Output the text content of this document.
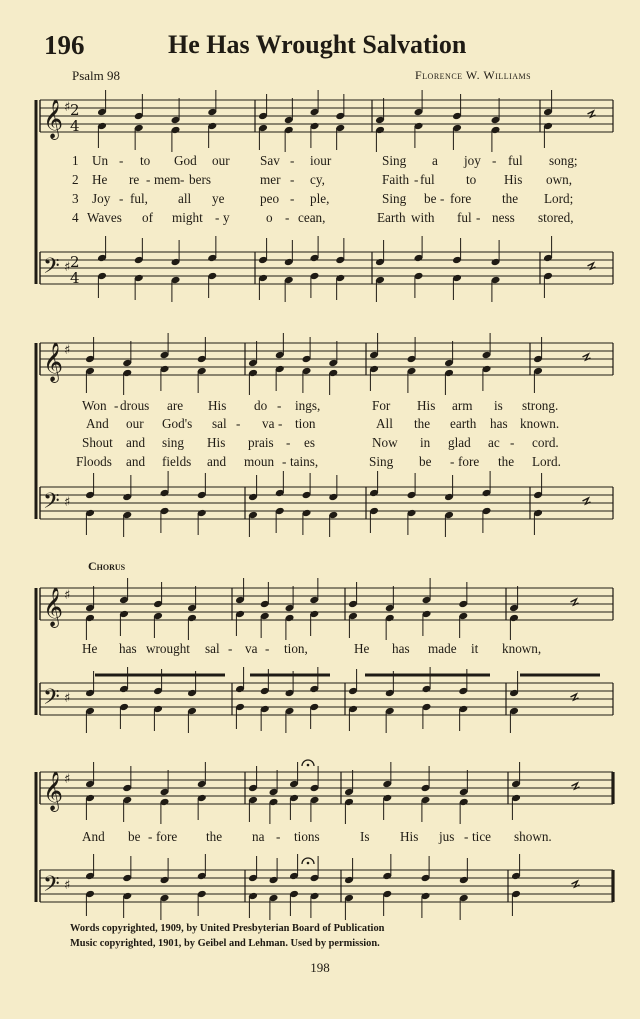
196	He Has Wrought Salvation
Psalm 98	Florence W. Williams
𝄞
𝄢
♯
♯
2
4
2
4
𝄞
𝄢
♯
♯
𝄞
𝄢
♯
♯
𝄞
𝄢
♯
♯
1 Un - to God our Sav - iour	Sing a joy - ful song;
2 He re - mem - bers	mer - cy,	Faith - ful to His own,
3 Joy - ful, all ye	peo - ple,	Sing be - fore the Lord;
4 Waves of might - y	o - cean,	Earth with ful - ness stored,
Won - drous are His do - ings,	For His arm is strong.
And our God's sal - va - tion	All the earth has known.
Shout and sing His prais - es	Now in glad ac - cord.
Floods and fields and moun - tains,	Sing be - fore the Lord.
Chorus
He has wrought sal - va - tion,	He has made it known,
And be - fore the na - tions	Is His jus - tice shown.
Words copyrighted, 1909, by United Presbyterian Board of Publication
Music copyrighted, 1901, by Geibel and Lehman. Used by permission.
198
